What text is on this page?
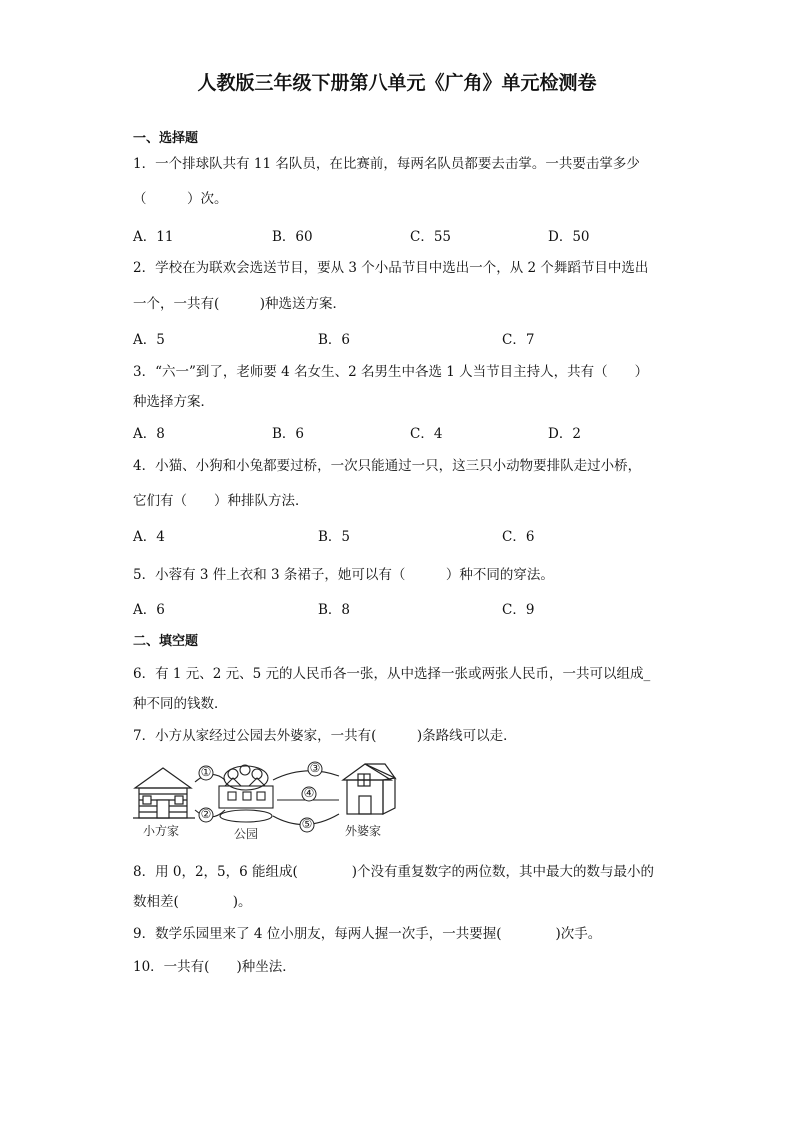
人教版三年级下册第八单元《广角》单元检测卷
一、选择题
1．一个排球队共有 11 名队员，在比赛前，每两名队员都要去击掌。一共要击掌多少
（　　　）次。
A．11	B．60	C．55	D．50
2．学校在为联欢会选送节目，要从 3 个小品节目中选出一个，从 2 个舞蹈节目中选出
一个，一共有(　　　)种选送方案．
A．5	B．6	C．7
3．“六一”到了，老师要 4 名女生、2 名男生中各选 1 人当节目主持人，共有（　　）
种选择方案．
A．8	B．6	C．4	D．2
4．小猫、小狗和小兔都要过桥，一次只能通过一只，这三只小动物要排队走过小桥，
它们有（　　）种排队方法．
A．4	B．5	C．6
5．小蓉有 3 件上衣和 3 条裙子，她可以有（　　　）种不同的穿法。
A．6	B．8	C．9
二、填空题
6．有 1 元、2 元、5 元的人民币各一张，从中选择一张或两张人民币，一共可以组成_
种不同的钱数．
7．小方从家经过公园去外婆家，一共有(　　　)条路线可以走．
①
②
③
④
⑤
小方家	公园	外婆家
8．用 0，2，5，6 能组成(　　　　)个没有重复数字的两位数，其中最大的数与最小的
数相差(　　　　)。
9．数学乐园里来了 4 位小朋友，每两人握一次手，一共要握(　　　　)次手。
10．一共有(　　)种坐法．
